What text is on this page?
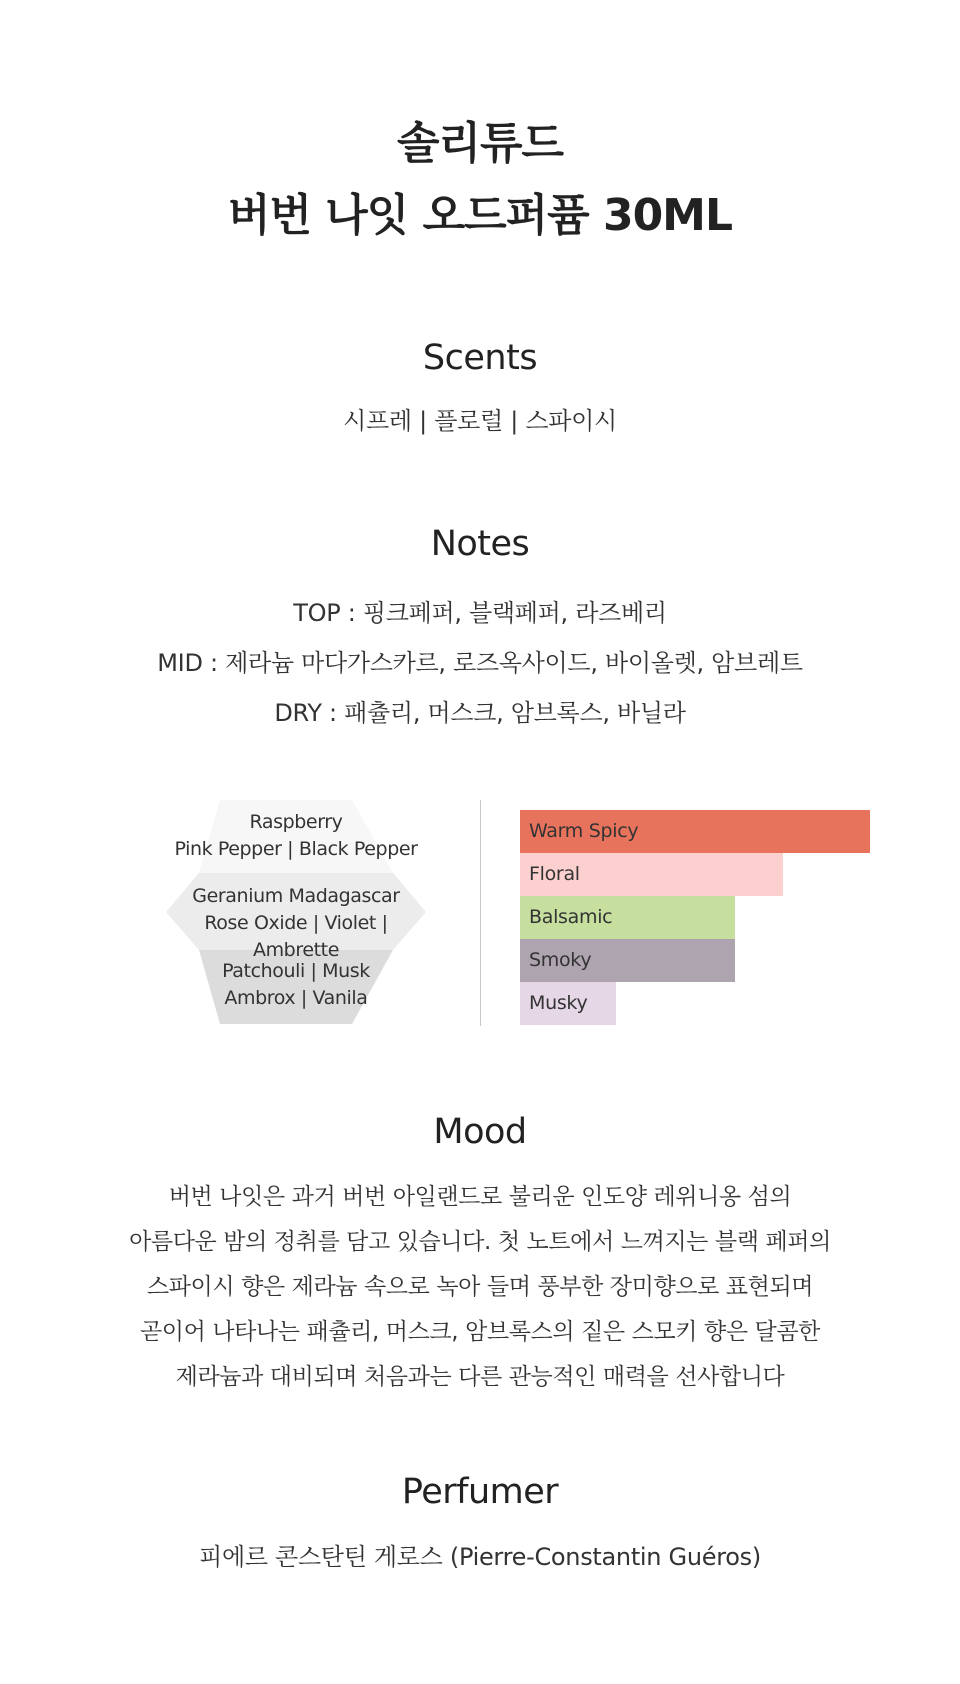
솔리튜드
버번 나잇 오드퍼퓸 30ML
Scents
시프레 | 플로럴 | 스파이시
Notes
TOP : 핑크페퍼, 블랙페퍼, 라즈베리
MID : 제라늄 마다가스카르, 로즈옥사이드, 바이올렛, 암브레트
DRY : 패츌리, 머스크, 암브록스, 바닐라
Raspberry
Pink Pepper | Black Pepper
Geranium Madagascar
Rose Oxide | Violet | Ambrette
Patchouli | Musk
Ambrox | Vanila
Warm Spicy
Floral
Balsamic
Smoky
Musky
Mood
버번 나잇은 과거 버번 아일랜드로 불리운 인도양 레위니옹 섬의
아름다운 밤의 정취를 담고 있습니다. 첫 노트에서 느껴지는 블랙 페퍼의
스파이시 향은 제라늄 속으로 녹아 들며 풍부한 장미향으로 표현되며
곧이어 나타나는 패츌리, 머스크, 암브록스의 짙은 스모키 향은 달콤한
제라늄과 대비되며 처음과는 다른 관능적인 매력을 선사합니다
Perfumer
피에르 콘스탄틴 게로스 (Pierre-Constantin Guéros)
